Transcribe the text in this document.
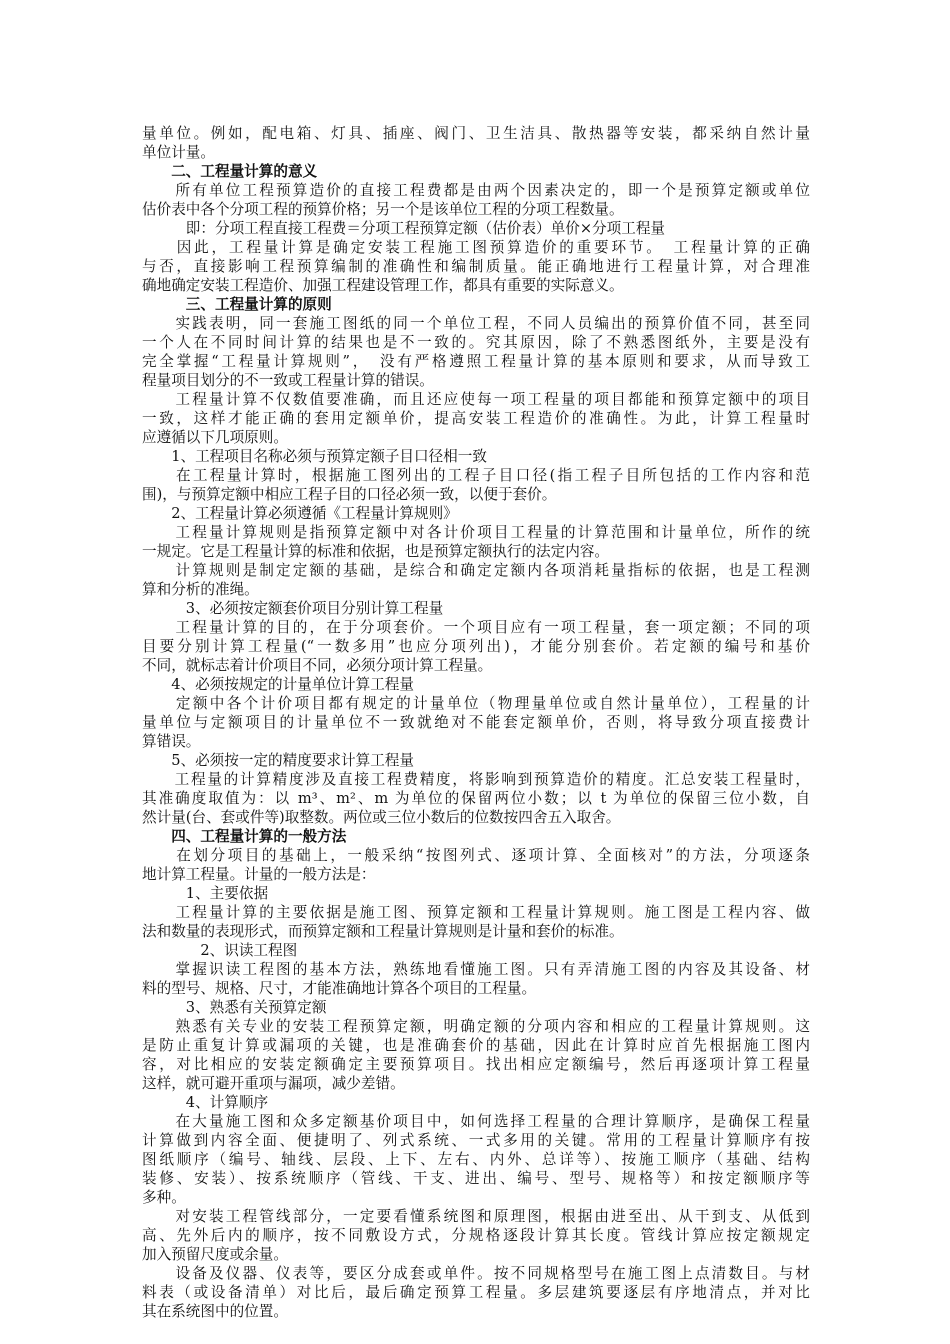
量单位。例如，配电箱、灯具、插座、阀门、卫生洁具、散热器等安装，都采纳自然计量
单位计量。
　　二、工程量计算的意义
　　所有单位工程预算造价的直接工程费都是由两个因素决定的，即一个是预算定额或单位
估价表中各个分项工程的预算价格；另一个是该单位工程的分项工程数量。
　　　即：分项工程直接工程费＝分项工程预算定额（估价表）单价×分项工程量
　　因此，工程量计算是确定安装工程施工图预算造价的重要环节。　工程量计算的正确
与否，直接影响工程预算编制的准确性和编制质量。能正确地进行工程量计算，对合理准
确地确定安装工程造价、加强工程建设管理工作，都具有重要的实际意义。
　　　三、工程量计算的原则
　　实践表明，同一套施工图纸的同一个单位工程，不同人员编出的预算价值不同，甚至同
一个人在不同时间计算的结果也是不一致的。究其原因，除了不熟悉图纸外，主要是没有
完全掌握“工程量计算规则”，　没有严格遵照工程量计算的基本原则和要求，从而导致工
程量项目划分的不一致或工程量计算的错误。
　　工程量计算不仅数值要准确，而且还应使每一项工程量的项目都能和预算定额中的项目
一致，这样才能正确的套用定额单价，提高安装工程造价的准确性。为此，计算工程量时
应遵循以下几项原则。
　　1、工程项目名称必须与预算定额子目口径相一致
　　在工程量计算时，根据施工图列出的工程子目口径(指工程子目所包括的工作内容和范
围)，与预算定额中相应工程子目的口径必须一致，以便于套价。
　　2、工程量计算必须遵循《工程量计算规则》
　　工程量计算规则是指预算定额中对各计价项目工程量的计算范围和计量单位，所作的统
一规定。它是工程量计算的标准和依据，也是预算定额执行的法定内容。
　　计算规则是制定定额的基础，是综合和确定定额内各项消耗量指标的依据，也是工程测
算和分析的准绳。
　　　3、必须按定额套价项目分别计算工程量
　　工程量计算的目的，在于分项套价。一个项目应有一项工程量，套一项定额；不同的项
目要分别计算工程量(“一数多用”也应分项列出)，才能分别套价。若定额的编号和基价
不同，就标志着计价项目不同，必须分项计算工程量。
　　4、必须按规定的计量单位计算工程量
　　定额中各个计价项目都有规定的计量单位（物理量单位或自然计量单位），工程量的计
量单位与定额项目的计量单位不一致就绝对不能套定额单价，否则，将导致分项直接费计
算错误。
　　5、必须按一定的精度要求计算工程量
　　工程量的计算精度涉及直接工程费精度，将影响到预算造价的精度。汇总安装工程量时，
其准确度取值为：以 m³、m²、m 为单位的保留两位小数；以 t 为单位的保留三位小数，自
然计量(台、套或件等)取整数。两位或三位小数后的位数按四舍五入取舍。
　　四、工程量计算的一般方法
　　在划分项目的基础上，一般采纳“按图列式、逐项计算、全面核对”的方法，分项逐条
地计算工程量。计量的一般方法是：
　　　1、主要依据
　　工程量计算的主要依据是施工图、预算定额和工程量计算规则。施工图是工程内容、做
法和数量的表现形式，而预算定额和工程量计算规则是计量和套价的标准。
　　　　2、识读工程图
　　掌握识读工程图的基本方法，熟练地看懂施工图。只有弄清施工图的内容及其设备、材
料的型号、规格、尺寸，才能准确地计算各个项目的工程量。
　　　3、熟悉有关预算定额
　　熟悉有关专业的安装工程预算定额，明确定额的分项内容和相应的工程量计算规则。这
是防止重复计算或漏项的关键，也是准确套价的基础，因此在计算时应首先根据施工图内
容，对比相应的安装定额确定主要预算项目。找出相应定额编号，然后再逐项计算工程量
这样，就可避开重项与漏项，减少差错。
　　　4、计算顺序
　　在大量施工图和众多定额基价项目中，如何选择工程量的合理计算顺序，是确保工程量
计算做到内容全面、便捷明了、列式系统、一式多用的关键。常用的工程量计算顺序有按
图纸顺序（编号、轴线、层段、上下、左右、内外、总详等）、按施工顺序（基础、结构
装修、安装）、按系统顺序（管线、干支、进出、编号、型号、规格等）和按定额顺序等
多种。
　　对安装工程管线部分，一定要看懂系统图和原理图，根据由进至出、从干到支、从低到
高、先外后内的顺序，按不同敷设方式，分规格逐段计算其长度。管线计算应按定额规定
加入预留尺度或余量。
　　设备及仪器、仪表等，要区分成套或单件。按不同规格型号在施工图上点清数目。与材
料表（或设备清单）对比后，最后确定预算工程量。多层建筑要逐层有序地清点，并对比
其在系统图中的位置。
